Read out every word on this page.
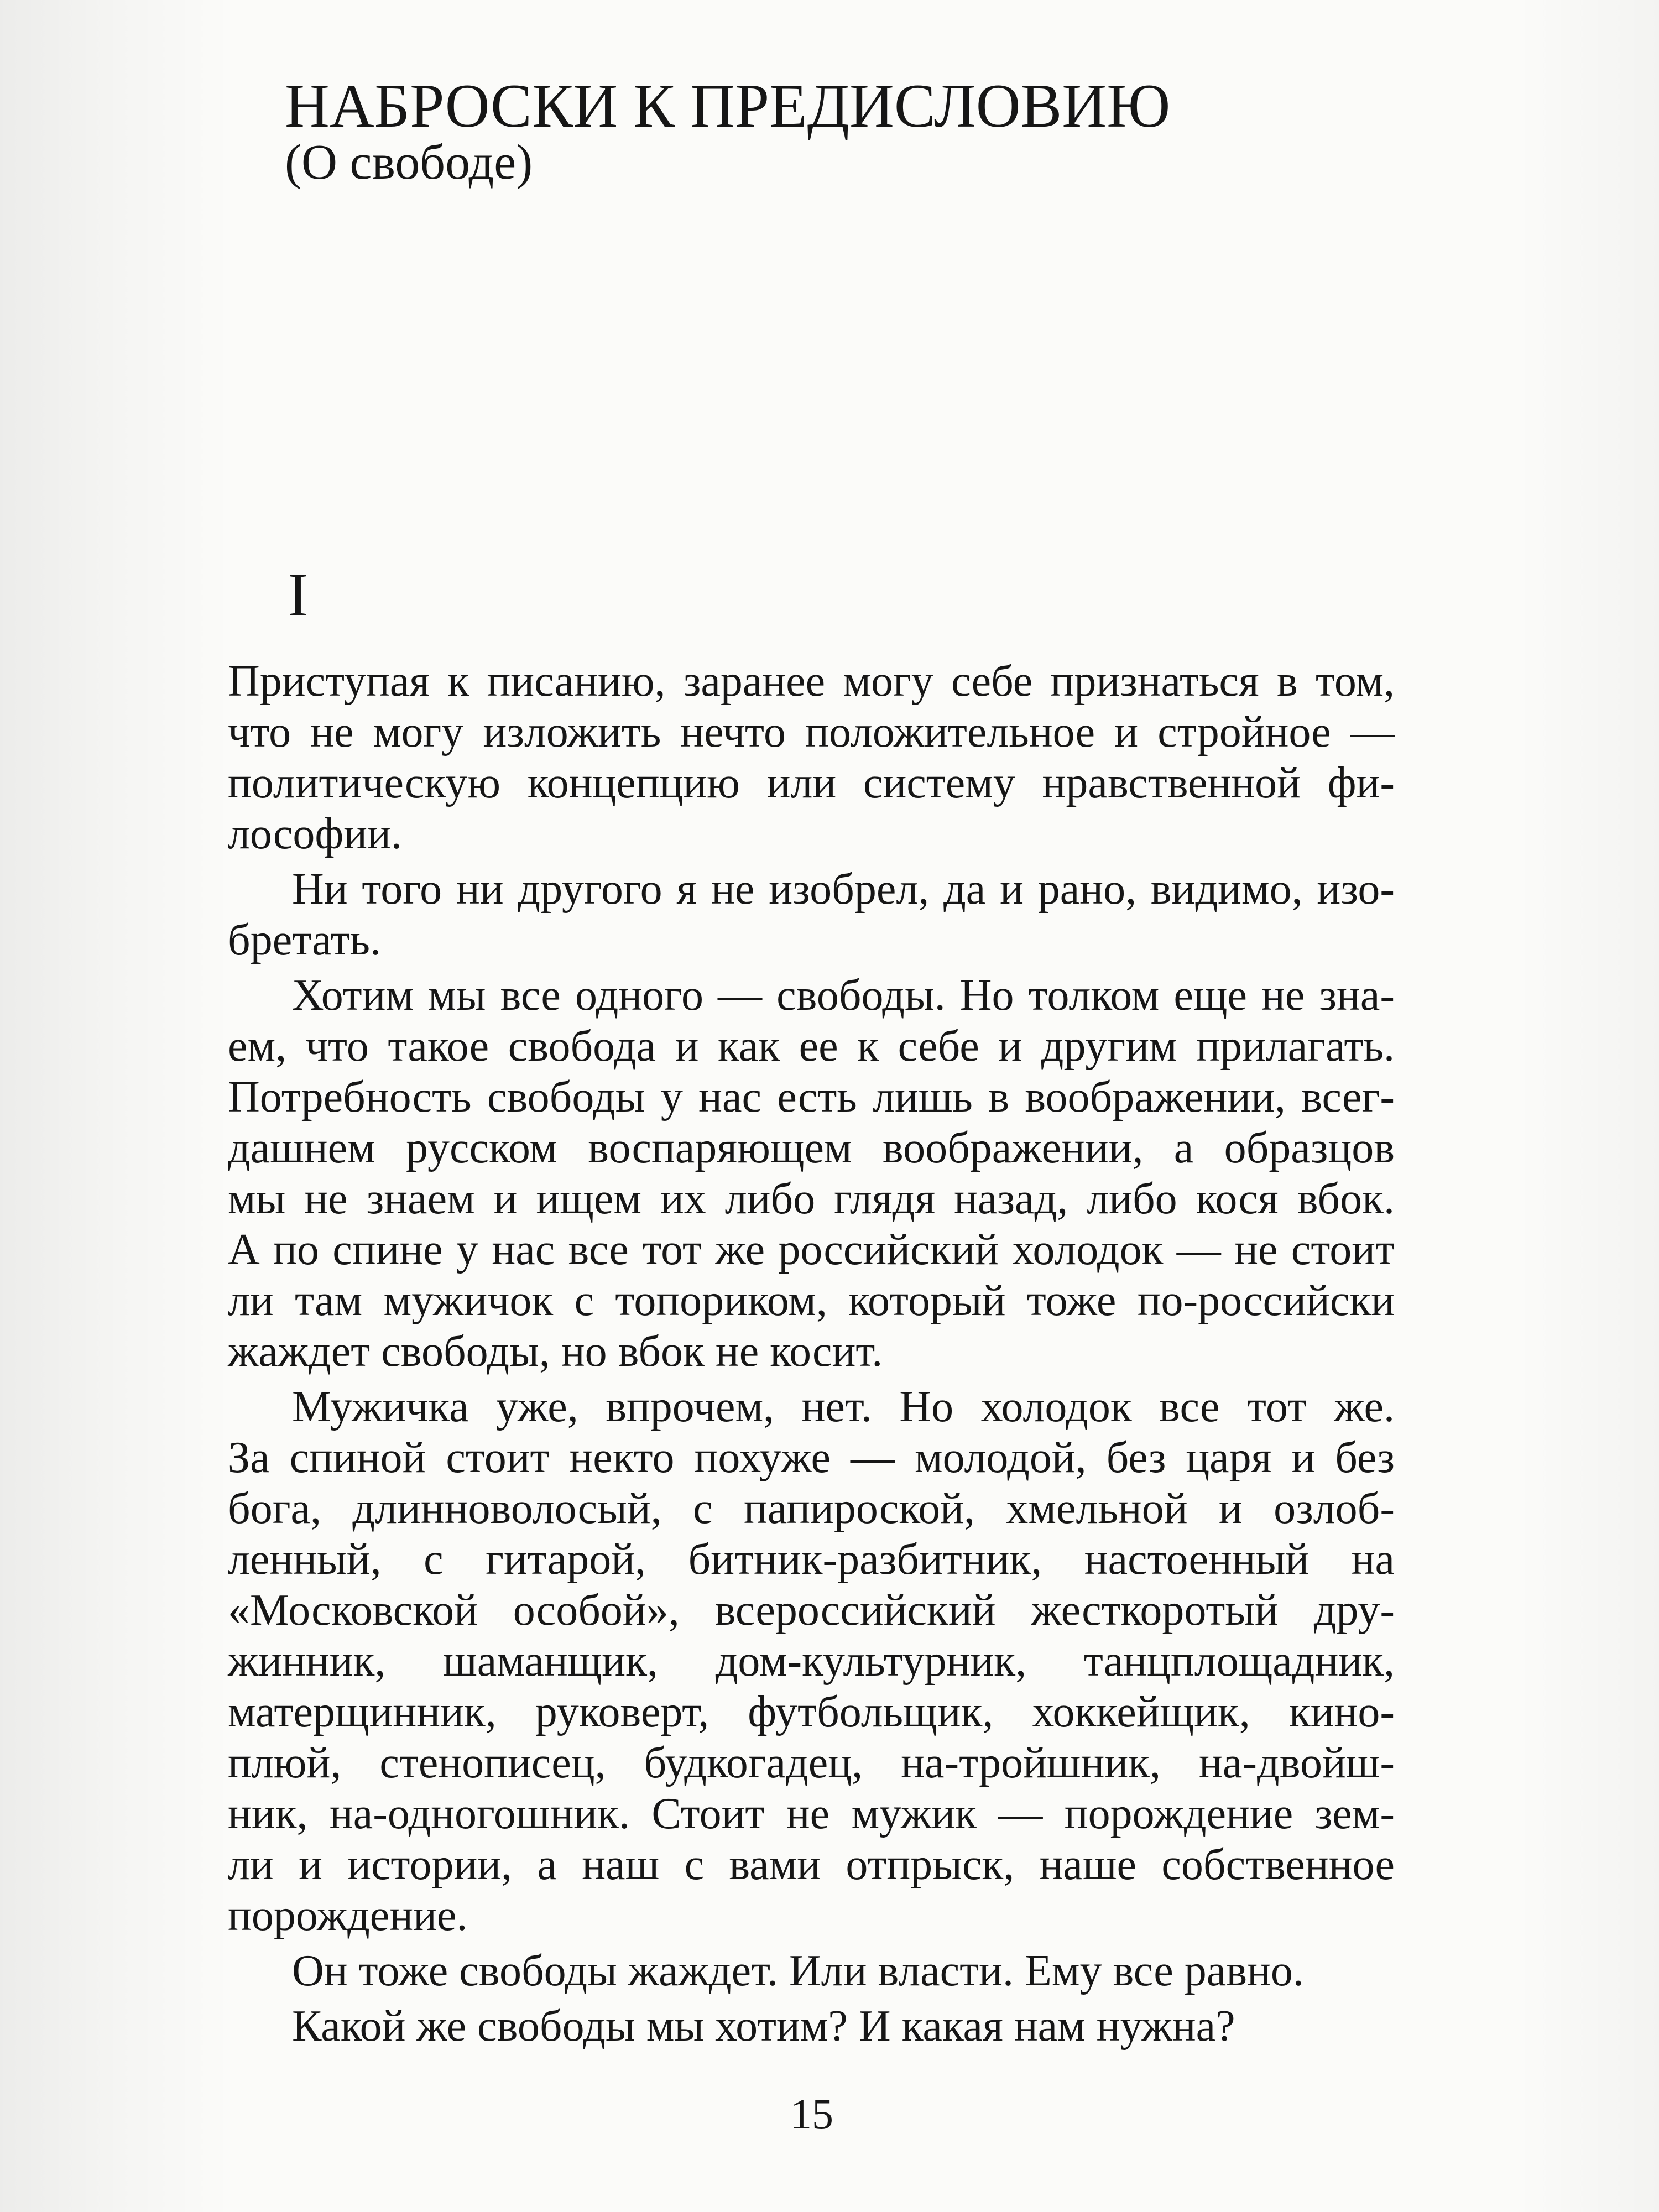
НАБРОСКИ К ПРЕДИСЛОВИЮ
(О свободе)
I
Приступая к писанию, заранее могу себе признаться в том,
что не могу изложить нечто положительное и стройное —
политическую концепцию или систему нравственной фи-
лософии.
Ни того ни другого я не изобрел, да и рано, видимо, изо-
бретать.
Хотим мы все одного — свободы. Но толком еще не зна-
ем, что такое свобода и как ее к себе и другим прилагать.
Потребность свободы у нас есть лишь в воображении, всег-
дашнем русском воспаряющем воображении, а образцов
мы не знаем и ищем их либо глядя назад, либо кося вбок.
А по спине у нас все тот же российский холодок — не стоит
ли там мужичок с топориком, который тоже по-российски
жаждет свободы, но вбок не косит.
Мужичка уже, впрочем, нет. Но холодок все тот же.
За спиной стоит некто похуже — молодой, без царя и без
бога, длинноволосый, с папироской, хмельной и озлоб-
ленный, с гитарой, битник-разбитник, настоенный на
«Московской особой», всероссийский жесткоротый дру-
жинник, шаманщик, дом-культурник, танцплощадник,
матерщинник, руковерт, футбольщик, хоккейщик, кино-
плюй, стенописец, будкогадец, на-тройшник, на-двойш-
ник, на-одногошник. Стоит не мужик — порождение зем-
ли и истории, а наш с вами отпрыск, наше собственное
порождение.
Он тоже свободы жаждет. Или власти. Ему все равно.
Какой же свободы мы хотим? И какая нам нужна?
15
